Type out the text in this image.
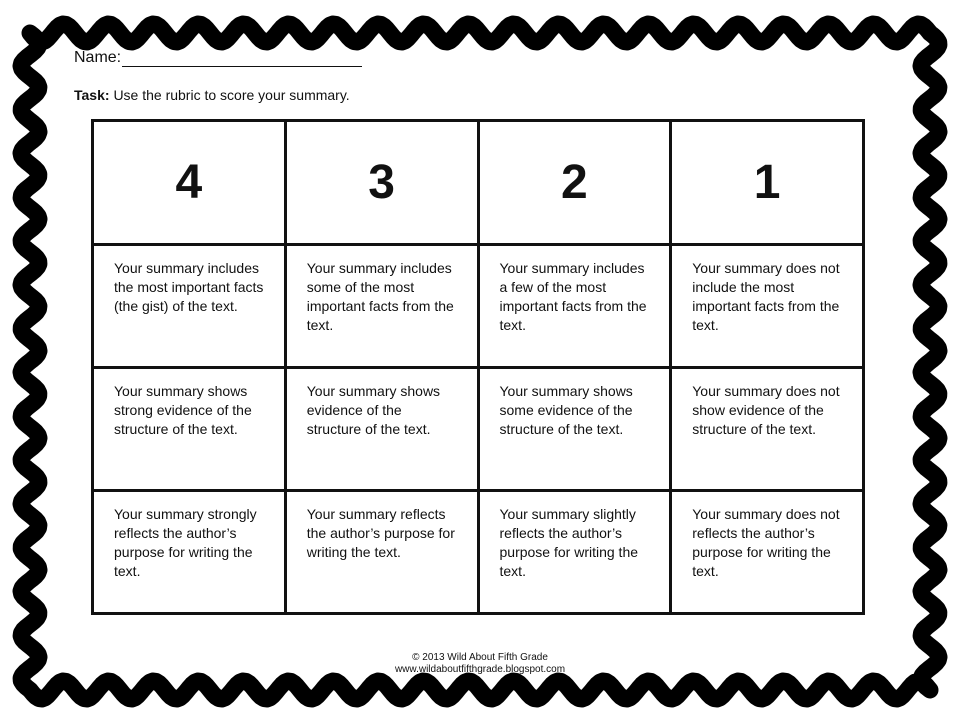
Name:
Task: Use the rubric to score your summary.
4	3	2	1

Your summary includes the most important facts (the gist) of the text.	Your summary includes some of the most important facts from the text.	Your summary includes a few of the most important facts from the text.	Your summary does not include the most important facts from the text.

Your summary shows strong evidence of the structure of the text.	Your summary shows evidence of the structure of the text.	Your summary shows some evidence of the structure of the text.	Your summary does not show evidence of the structure of the text.

Your summary strongly reflects the author’s purpose for writing the text.	Your summary reflects the author’s purpose for writing the text.	Your summary slightly reflects the author’s purpose for writing the text.	Your summary does not reflects the author’s purpose for writing the text.
© 2013 Wild About Fifth Grade
www.wildaboutfifthgrade.blogspot.com
